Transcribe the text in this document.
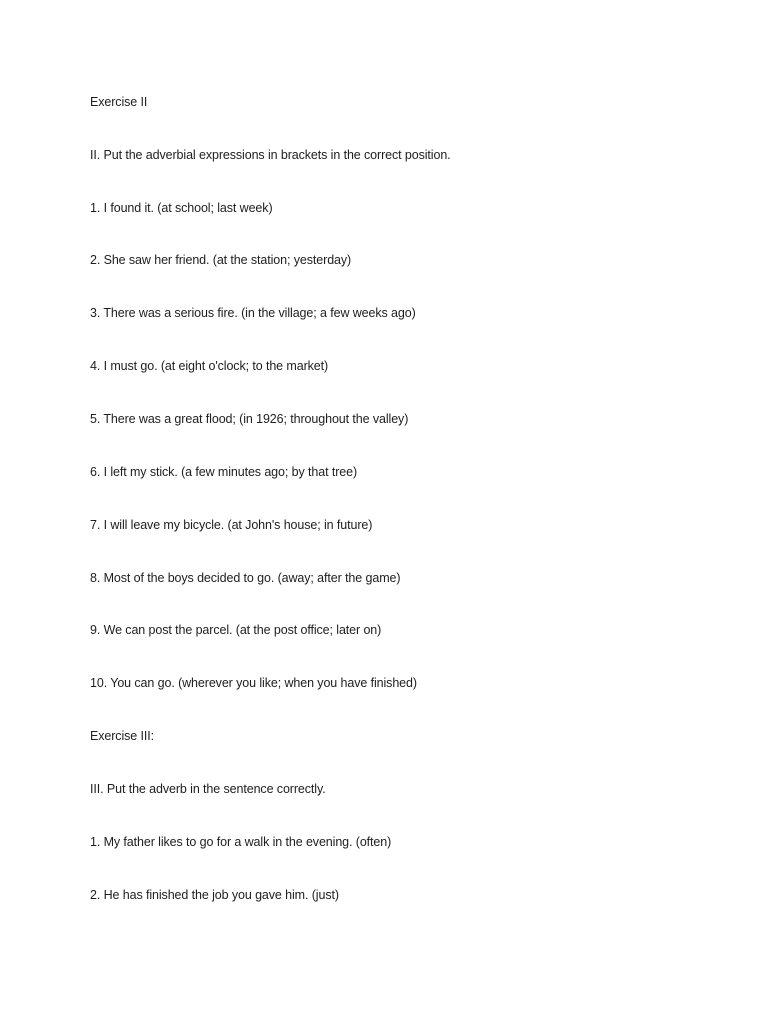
Exercise II
II. Put the adverbial expressions in brackets in the correct position.
1. I found it. (at school; last week)
2. She saw her friend. (at the station; yesterday)
3. There was a serious fire. (in the village; a few weeks ago)
4. I must go. (at eight o'clock; to the market)
5. There was a great flood; (in 1926; throughout the valley)
6. I left my stick. (a few minutes ago; by that tree)
7. I will leave my bicycle. (at John's house; in future)
8. Most of the boys decided to go. (away; after the game)
9. We can post the parcel. (at the post office; later on)
10. You can go. (wherever you like; when you have finished)
Exercise III:
III. Put the adverb in the sentence correctly.
1. My father likes to go for a walk in the evening. (often)
2. He has finished the job you gave him. (just)
